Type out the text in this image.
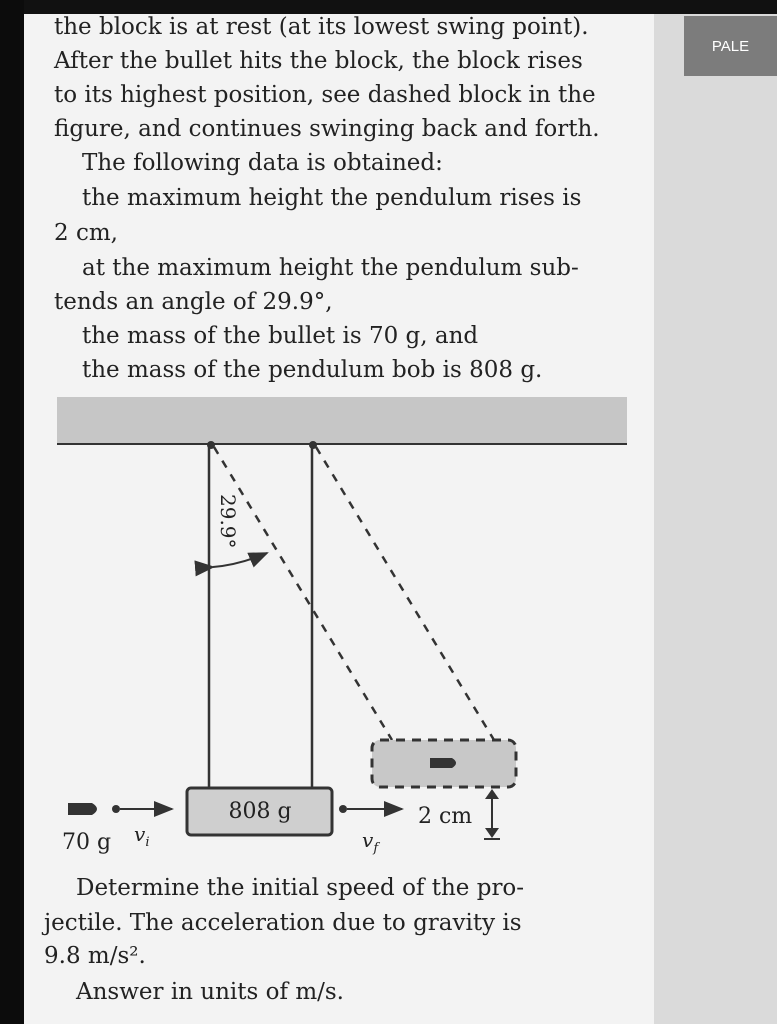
PALE
the block is at rest (at its lowest swing point).
After the bullet hits the block, the block rises
to its highest position, see dashed block in the
figure, and continues swinging back and forth.

The following data is obtained:

the maximum height the pendulum rises is

2 cm,

at the maximum height the pendulum sub-

tends an angle of 29.9°,

the mass of the bullet is 70 g, and

the mass of the pendulum bob is 808 g.

29.9°
808 g
70 g $v_i$	$v_f$
2 cm

Determine the initial speed of the pro-

jectile. The acceleration due to gravity is

9.8 m/s².

Answer in units of m/s.
